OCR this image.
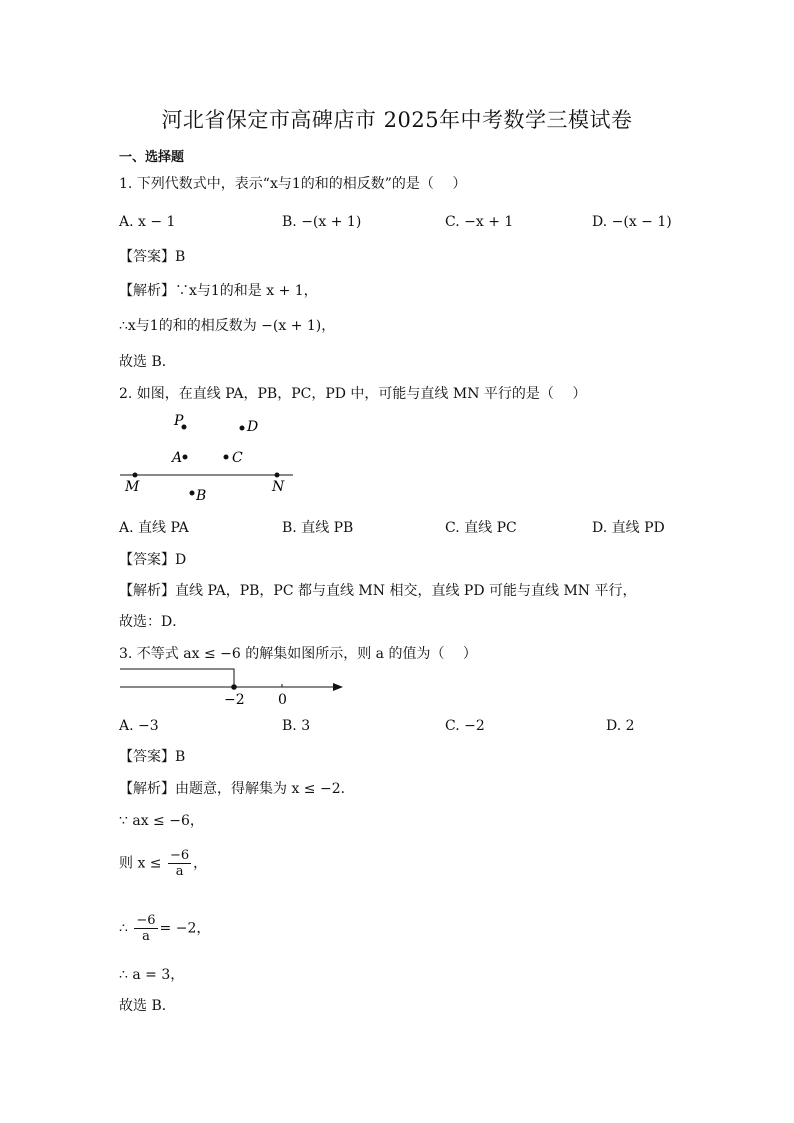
河北省保定市高碑店市 2025年中考数学三模试卷
一、选择题
1. 下列代数式中，表示“x与1的和的相反数”的是（　 ）
A. x − 1	B. −(x + 1)	C. −x + 1	D. −(x − 1)
【答案】B
【解析】∵x与1的和是 x + 1，
∴x与1的和的相反数为 −(x + 1)，
故选 B．
2. 如图，在直线 PA，PB，PC，PD 中，可能与直线 MN 平行的是（　 ）
P	D
A	C
M
B
N
A. 直线 PA	B. 直线 PB	C. 直线 PC	D. 直线 PD
【答案】D
【解析】直线 PA，PB，PC 都与直线 MN 相交，直线 PD 可能与直线 MN 平行，
故选：D．
3. 不等式 ax ≤ −6 的解集如图所示，则 a 的值为（　 ）
−2 0
A. −3	B. 3	C. −2	D. 2
【答案】B
【解析】由题意，得解集为 x ≤ −2．
∵ ax ≤ −6，
则 $x \le \frac{-6}{a}$ ，
∴ $\frac{-6}{a} = -2$，
∴ a = 3，
故选 B．
